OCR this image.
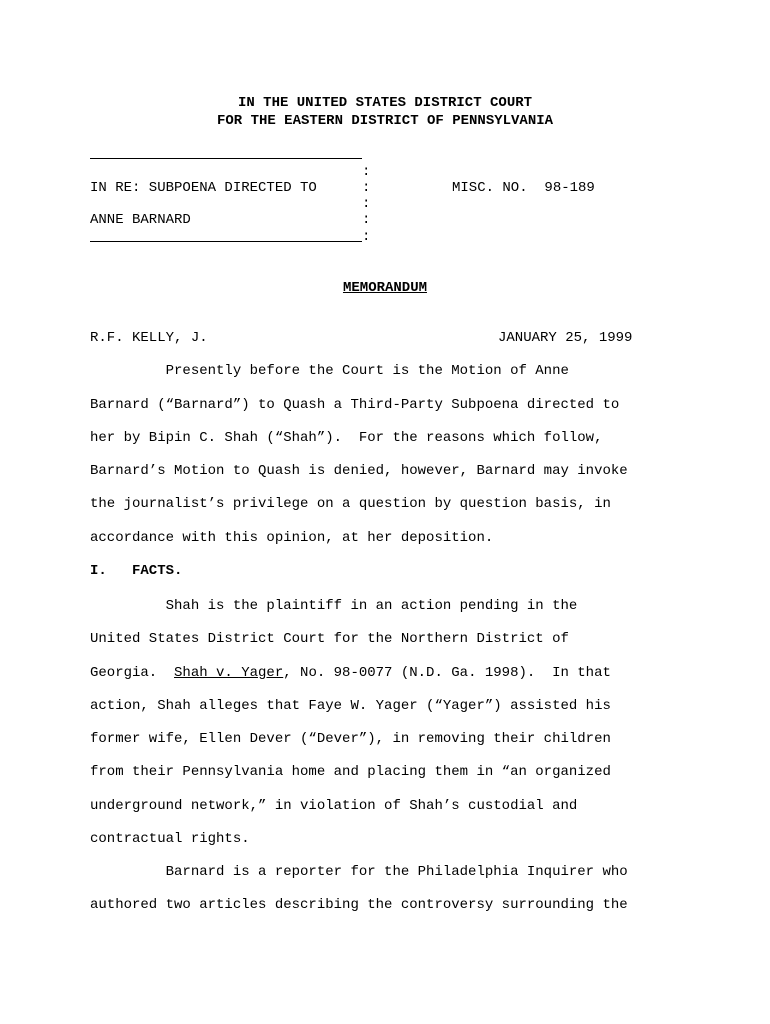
IN THE UNITED STATES DISTRICT COURT
FOR THE EASTERN DISTRICT OF PENNSYLVANIA
:
IN RE: SUBPOENA DIRECTED TO	:	MISC. NO.  98-189
:
ANNE BARNARD	:
:
MEMORANDUM
R.F. KELLY, J.	JANUARY 25, 1999
Presently before the Court is the Motion of Anne
Barnard (“Barnard”) to Quash a Third-Party Subpoena directed to
her by Bipin C. Shah (“Shah”).  For the reasons which follow,
Barnard’s Motion to Quash is denied, however, Barnard may invoke
the journalist’s privilege on a question by question basis, in
accordance with this opinion, at her deposition.
I.   FACTS.
Shah is the plaintiff in an action pending in the
United States District Court for the Northern District of
Georgia.  Shah v. Yager, No. 98-0077 (N.D. Ga. 1998).  In that
action, Shah alleges that Faye W. Yager (“Yager”) assisted his
former wife, Ellen Dever (“Dever”), in removing their children
from their Pennsylvania home and placing them in “an organized
underground network,” in violation of Shah’s custodial and
contractual rights.
Barnard is a reporter for the Philadelphia Inquirer who
authored two articles describing the controversy surrounding the
